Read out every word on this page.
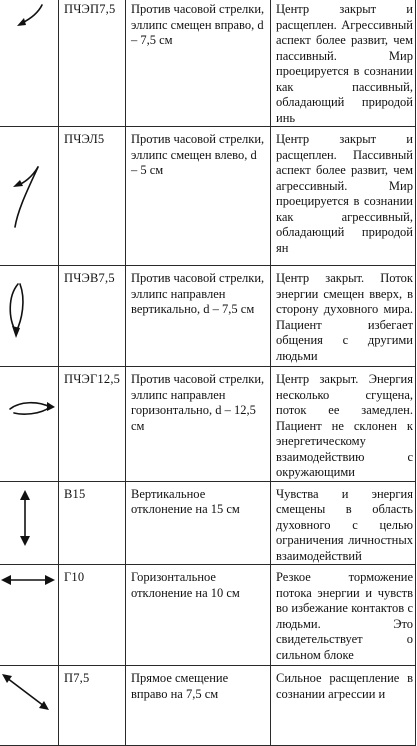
	ПЧЭП7,5	Против часовой стрелки, эллипс смещен вправо, d – 7,5 см	Центр закрыт и расщеплен. Агрессивный аспект более развит, чем пассивный. Мир проецируется в сознании как пассивный, обладающий природой инь

	ПЧЭЛ5	Против часовой стрелки, эллипс смещен влево, d – 5 см	Центр закрыт и расщеплен. Пассивный аспект более развит, чем агрессивный. Мир проецируется в сознании как агрессивный, обладающий природой ян

	ПЧЭВ7,5	Против часовой стрелки, эллипс направлен вертикально, d – 7,5 см	Центр закрыт. Поток энергии смещен вверх, в сторону духовного мира. Пациент избегает общения с другими людьми

	ПЧЭГ12,5	Против часовой стрелки, эллипс направлен горизонтально, d – 12,5 см	Центр закрыт. Энергия несколько сгущена, поток ее замедлен. Пациент не склонен к энергетическому взаимодействию с окружающими

	В15	Вертикальное отклонение на 15 см	Чувства и энергия смещены в область духовного с целью ограничения личностных взаимодействий

	Г10	Горизонтальное отклонение на 10 см	Резкое торможение потока энергии и чувств во избежание контактов с людьми. Это свидетельствует о сильном блоке

	П7,5	Прямое смещение вправо на 7,5 см	Сильное расщепление в сознании агрессии и
